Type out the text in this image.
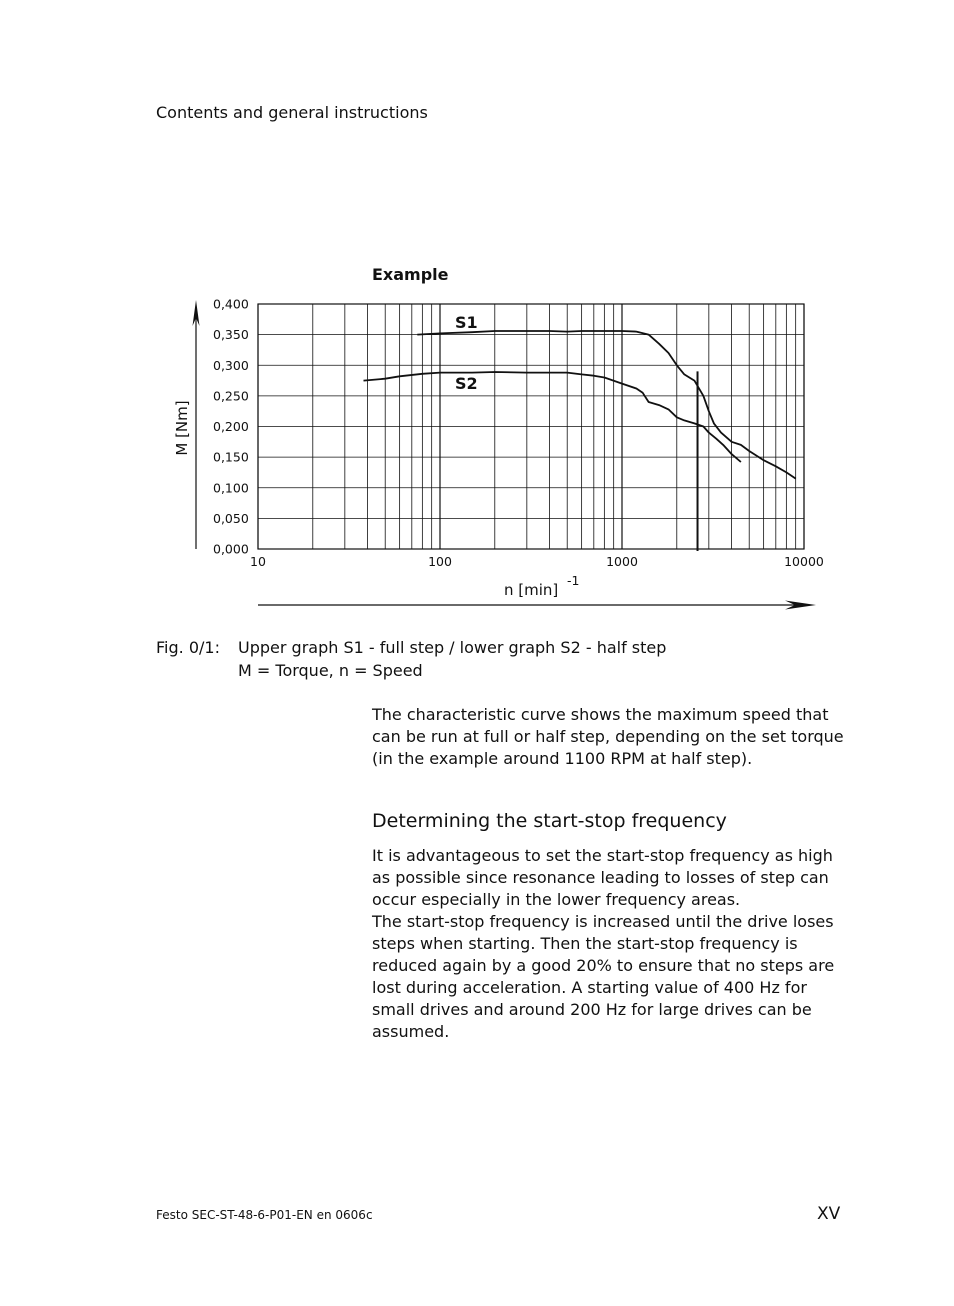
Contents and general instructions
Example
0,000
0,050
0,100
0,150
0,200
0,250
0,300
0,350
0,400
10	100	1000	10000
S1
S2
M [Nm]
n [min]
-1
Fig. 0/1: Upper graph S1 - full step / lower graph S2 - half step
M = Torque, n = Speed

The characteristic curve shows the maximum speed that can be run at full or half step, depending on the set torque (in the example around 1100 RPM at half step).

Determining the start-stop frequency

It is advantageous to set the start-stop frequency as high as possible since resonance leading to losses of step can occur especially in the lower frequency areas.

The start-stop frequency is increased until the drive loses steps when starting. Then the start-stop frequency is reduced again by a good 20% to ensure that no steps are lost during acceleration. A starting value of 400 Hz for small drives and around 200 Hz for large drives can be assumed.

Festo SEC-ST-48-6-P01-EN en 0606c	XV
